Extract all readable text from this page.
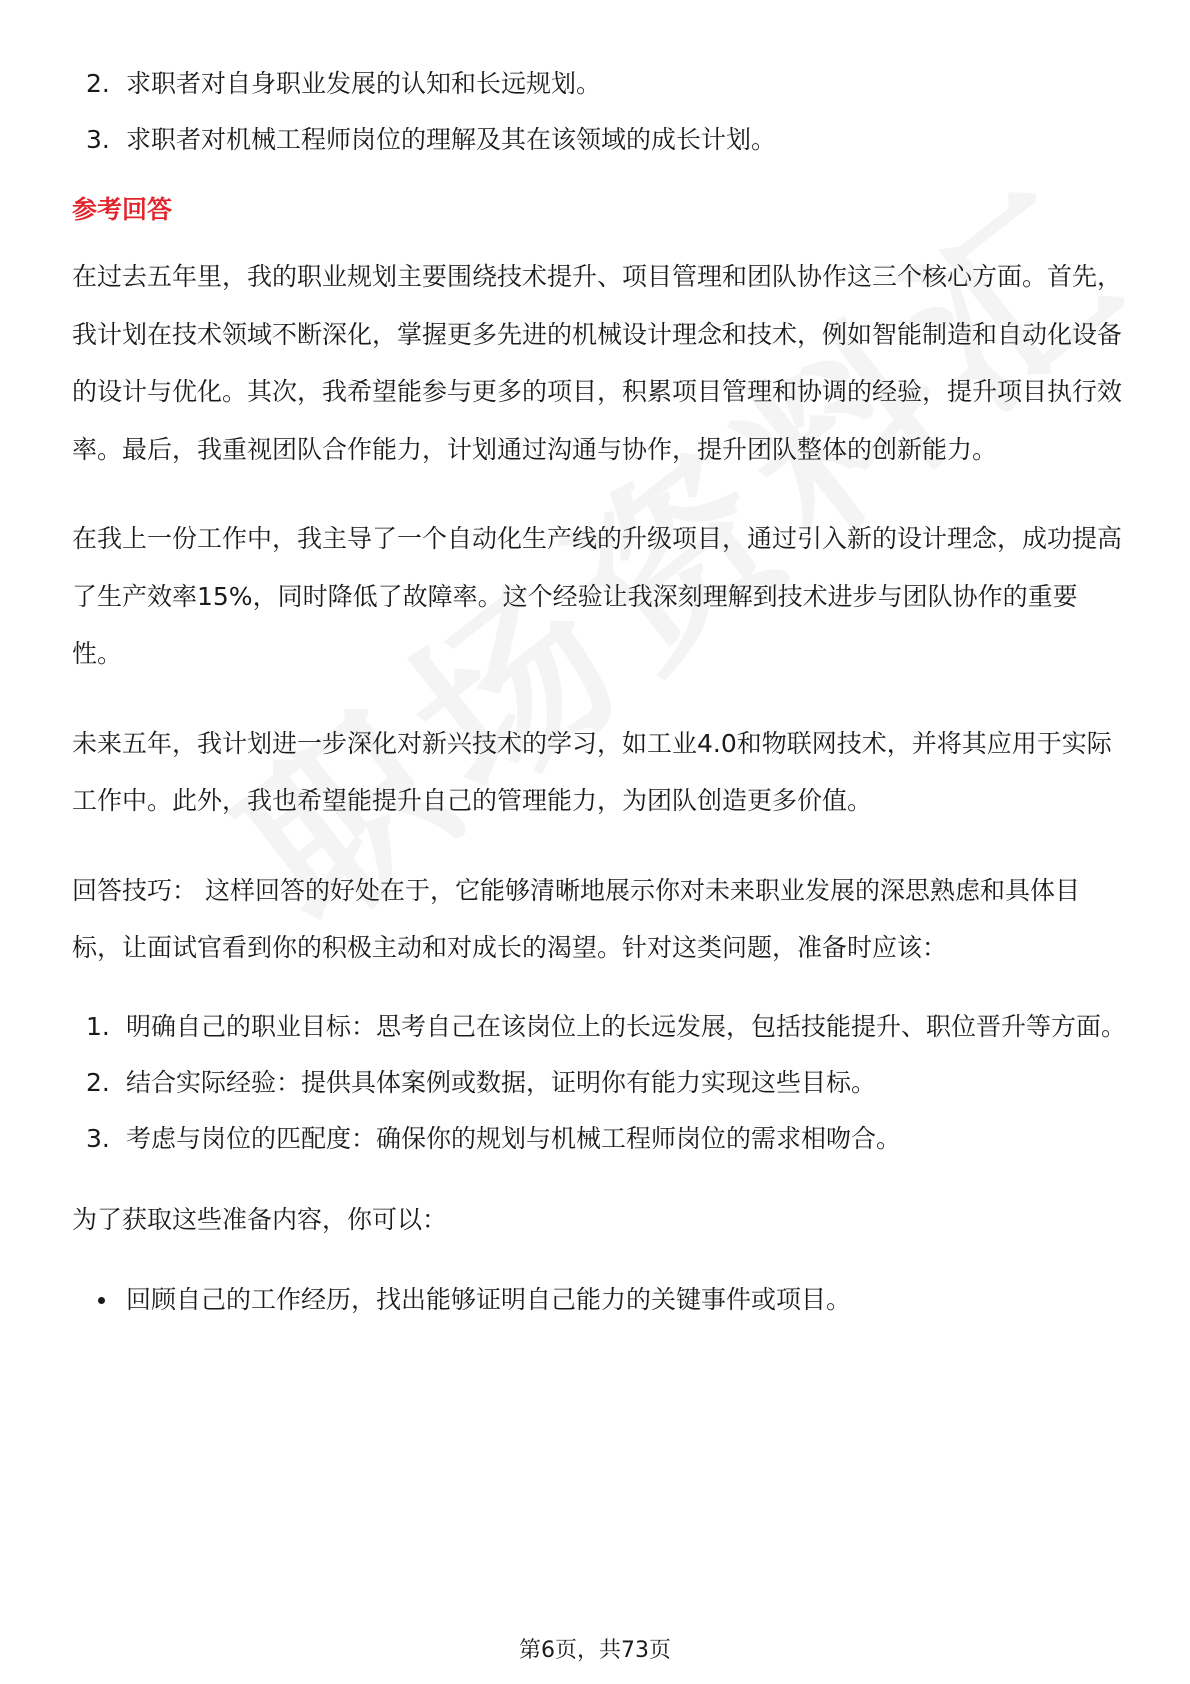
2. 求职者对自身职业发展的认知和长远规划。
3. 求职者对机械工程师岗位的理解及其在该领域的成长计划。
参考回答

在过去五年里，我的职业规划主要围绕技术提升、项目管理和团队协作这三个核心方面。首先，我计划在技术领域不断深化，掌握更多先进的机械设计理念和技术，例如智能制造和自动化设备的设计与优化。其次，我希望能参与更多的项目，积累项目管理和协调的经验，提升项目执行效率。最后，我重视团队合作能力，计划通过沟通与协作，提升团队整体的创新能力。

在我上一份工作中，我主导了一个自动化生产线的升级项目，通过引入新的设计理念，成功提高了生产效率15%，同时降低了故障率。这个经验让我深刻理解到技术进步与团队协作的重要性。

未来五年，我计划进一步深化对新兴技术的学习，如工业4.0和物联网技术，并将其应用于实际工作中。此外，我也希望能提升自己的管理能力，为团队创造更多价值。

回答技巧： 这样回答的好处在于，它能够清晰地展示你对未来职业发展的深思熟虑和具体目标，让面试官看到你的积极主动和对成长的渴望。针对这类问题，准备时应该：

1. 明确自己的职业目标：思考自己在该岗位上的长远发展，包括技能提升、职位晋升等方面。
2. 结合实际经验：提供具体案例或数据，证明你有能力实现这些目标。
3. 考虑与岗位的匹配度：确保你的规划与机械工程师岗位的需求相吻合。

为了获取这些准备内容，你可以：

回顾自己的工作经历，找出能够证明自己能力的关键事件或项目。
第6页，共73页
